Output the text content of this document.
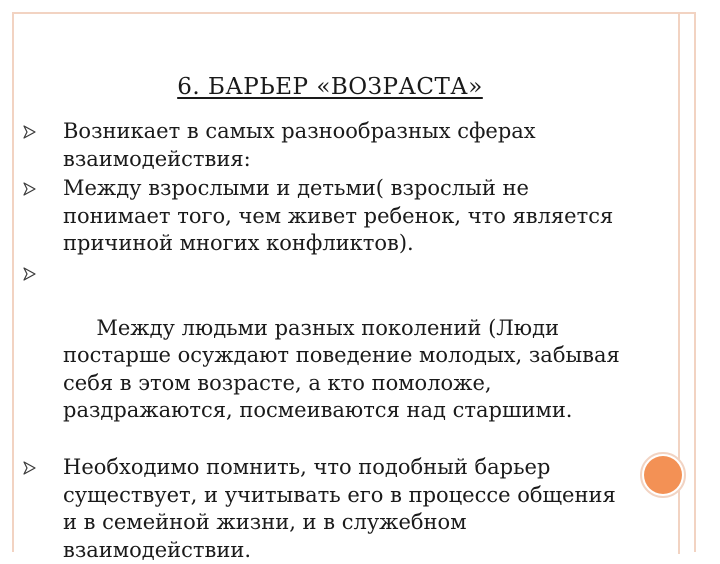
6. БАРЬЕР «ВОЗРАСТА»

Возникает в самых разнообразных сферах взаимодействия:

Между взрослыми и детьми( взрослый не понимает того, чем живет ребенок, что является причиной многих конфликтов).

Между людьми разных поколений (Люди постарше осуждают поведение молодых, забывая себя в этом возрасте, а кто помоложе, раздражаются, посмеиваются над старшими.

Необходимо помнить, что подобный барьер существует, и учитывать его в процессе общения и в семейной жизни, и в служебном взаимодействии.
